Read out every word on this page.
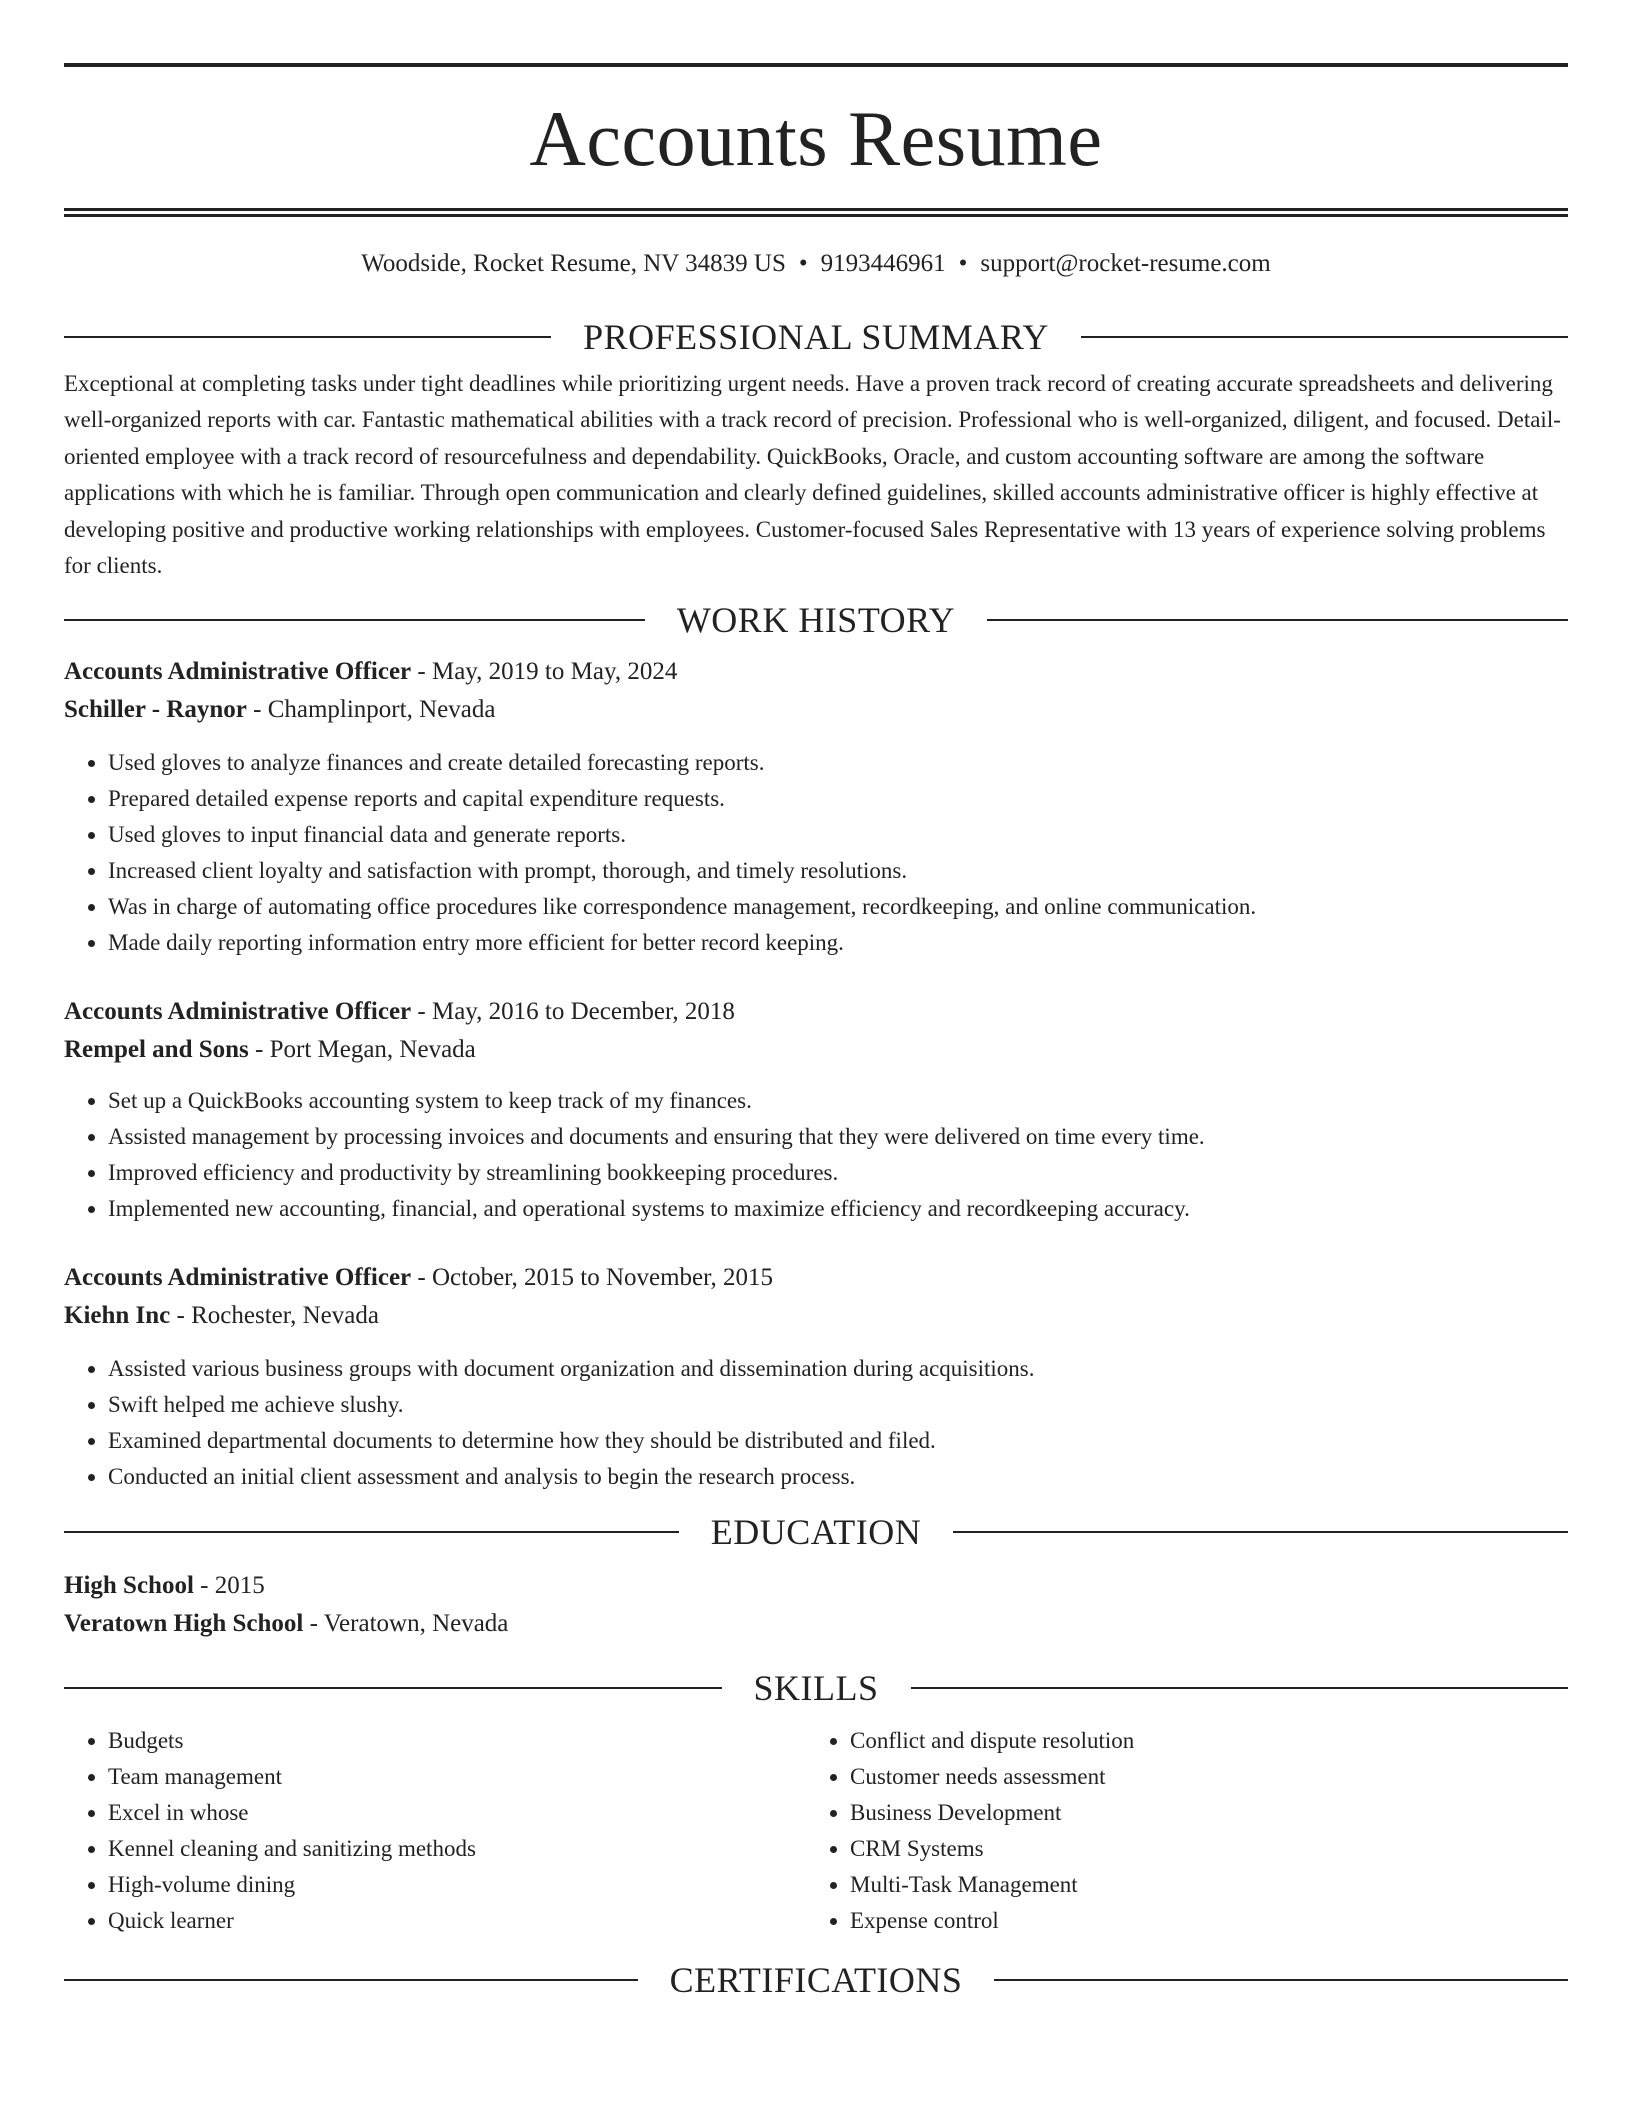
Accounts Resume
Woodside, Rocket Resume, NV 34839 US • 9193446961 • support@rocket-resume.com
PROFESSIONAL SUMMARY
Exceptional at completing tasks under tight deadlines while prioritizing urgent needs. Have a proven track record of creating accurate spreadsheets and delivering well-organized reports with car. Fantastic mathematical abilities with a track record of precision. Professional who is well-organized, diligent, and focused. Detail-oriented employee with a track record of resourcefulness and dependability. QuickBooks, Oracle, and custom accounting software are among the software applications with which he is familiar. Through open communication and clearly defined guidelines, skilled accounts administrative officer is highly effective at developing positive and productive working relationships with employees. Customer-focused Sales Representative with 13 years of experience solving problems for clients.
WORK HISTORY
Accounts Administrative Officer - May, 2019 to May, 2024
Schiller - Raynor - Champlinport, Nevada
• Used gloves to analyze finances and create detailed forecasting reports.
• Prepared detailed expense reports and capital expenditure requests.
• Used gloves to input financial data and generate reports.
• Increased client loyalty and satisfaction with prompt, thorough, and timely resolutions.
• Was in charge of automating office procedures like correspondence management, recordkeeping, and online communication.
• Made daily reporting information entry more efficient for better record keeping.
Accounts Administrative Officer - May, 2016 to December, 2018
Rempel and Sons - Port Megan, Nevada
• Set up a QuickBooks accounting system to keep track of my finances.
• Assisted management by processing invoices and documents and ensuring that they were delivered on time every time.
• Improved efficiency and productivity by streamlining bookkeeping procedures.
• Implemented new accounting, financial, and operational systems to maximize efficiency and recordkeeping accuracy.
Accounts Administrative Officer - October, 2015 to November, 2015
Kiehn Inc - Rochester, Nevada
• Assisted various business groups with document organization and dissemination during acquisitions.
• Swift helped me achieve slushy.
• Examined departmental documents to determine how they should be distributed and filed.
• Conducted an initial client assessment and analysis to begin the research process.
EDUCATION
High School - 2015
Veratown High School - Veratown, Nevada
SKILLS
• Budgets
• Team management
• Excel in whose
• Kennel cleaning and sanitizing methods
• High-volume dining
• Quick learner
• Conflict and dispute resolution
• Customer needs assessment
• Business Development
• CRM Systems
• Multi-Task Management
• Expense control
CERTIFICATIONS
